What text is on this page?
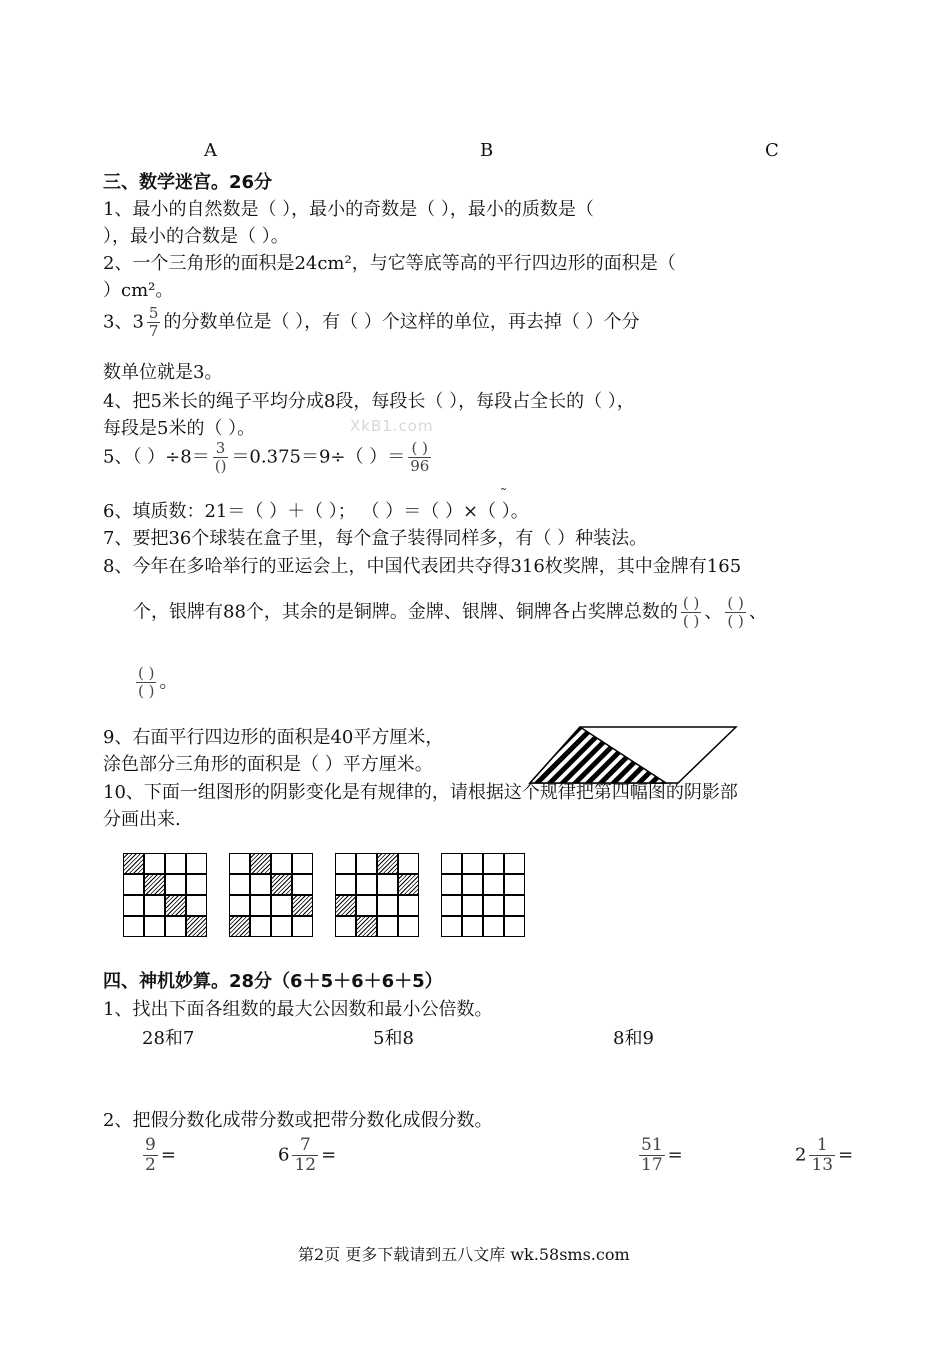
A	B	C
三、数学迷宫。26分
1、最小的自然数是（ ），最小的奇数是（ ），最小的质数是（
），最小的合数是（ ）。
2、一个三角形的面积是24cm²，与它等底等高的平行四边形的面积是（
）cm²。
3、$3 \frac{5}{7}$ 的分数单位是（ ），有（ ）个这样的单位，再去掉（ ）个分
数单位就是3。
4、把5米长的绳子平均分成8段，每段长（ ），每段占全长的（ ），
每段是5米的（ ）。	XkB1.com
5、（ ）$\div 8= \frac{3}{()} =0.375=9\div$（ ）＝ $\frac{( )}{96}$
6、填质数：21＝（ ）＋（ ）； （ ）＝（ ）×（ ）。
˜
7、要把36个球装在盒子里，每个盒子装得同样多，有（ ）种装法。
8、今年在多哈举行的亚运会上，中国代表团共夺得316枚奖牌，其中金牌有165
个，银牌有88个，其余的是铜牌。金牌、银牌、铜牌各占奖牌总数的 $\frac{( )}{( )}$ 、 $\frac{( )}{( )}$ 、
$\frac{( )}{( )}$ 。
9、右面平行四边形的面积是40平方厘米，
涂色部分三角形的面积是（ ）平方厘米。
10、下面一组图形的阴影变化是有规律的，请根据这个规律把第四幅图的阴影部
分画出来.
四、神机妙算。28分（6＋5＋6＋6＋5）
1、找出下面各组数的最大公因数和最小公倍数。
28和7	5和8	8和9
2、把假分数化成带分数或把带分数化成假分数。
$\frac{9}{2}$ =	$6 \frac{7}{12}$ =	$\frac{51}{17}$ =	$2 \frac{1}{13}$ =
第2页 更多下载请到五八文库 wk.58sms.com
